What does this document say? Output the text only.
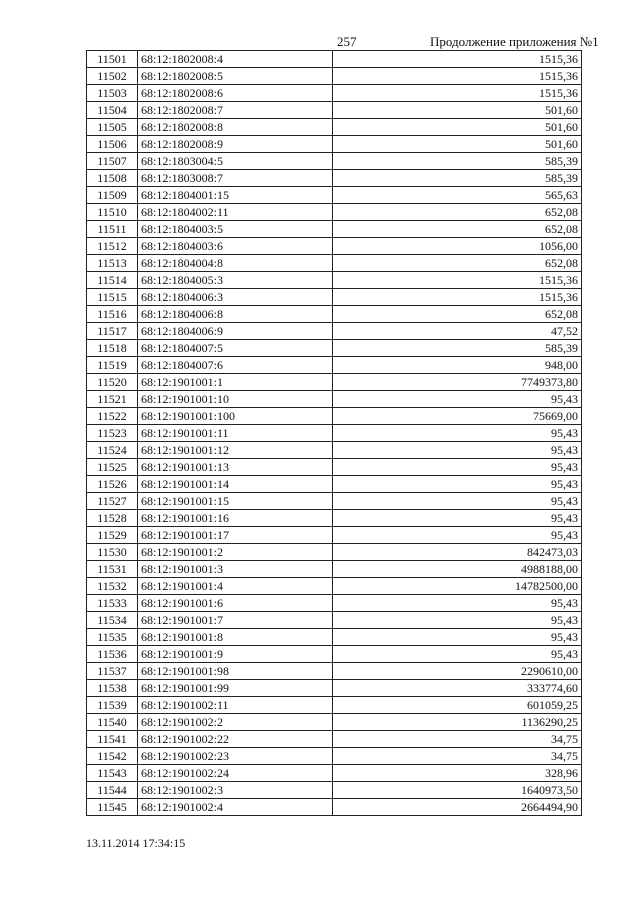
257	Продолжение приложения №1
11501	68:12:1802008:4	1515,36
11502	68:12:1802008:5	1515,36
11503	68:12:1802008:6	1515,36
11504	68:12:1802008:7	501,60
11505	68:12:1802008:8	501,60
11506	68:12:1802008:9	501,60
11507	68:12:1803004:5	585,39
11508	68:12:1803008:7	585,39
11509	68:12:1804001:15	565,63
11510	68:12:1804002:11	652,08
11511	68:12:1804003:5	652,08
11512	68:12:1804003:6	1056,00
11513	68:12:1804004:8	652,08
11514	68:12:1804005:3	1515,36
11515	68:12:1804006:3	1515,36
11516	68:12:1804006:8	652,08
11517	68:12:1804006:9	47,52
11518	68:12:1804007:5	585,39
11519	68:12:1804007:6	948,00
11520	68:12:1901001:1	7749373,80
11521	68:12:1901001:10	95,43
11522	68:12:1901001:100	75669,00
11523	68:12:1901001:11	95,43
11524	68:12:1901001:12	95,43
11525	68:12:1901001:13	95,43
11526	68:12:1901001:14	95,43
11527	68:12:1901001:15	95,43
11528	68:12:1901001:16	95,43
11529	68:12:1901001:17	95,43
11530	68:12:1901001:2	842473,03
11531	68:12:1901001:3	4988188,00
11532	68:12:1901001:4	14782500,00
11533	68:12:1901001:6	95,43
11534	68:12:1901001:7	95,43
11535	68:12:1901001:8	95,43
11536	68:12:1901001:9	95,43
11537	68:12:1901001:98	2290610,00
11538	68:12:1901001:99	333774,60
11539	68:12:1901002:11	601059,25
11540	68:12:1901002:2	1136290,25
11541	68:12:1901002:22	34,75
11542	68:12:1901002:23	34,75
11543	68:12:1901002:24	328,96
11544	68:12:1901002:3	1640973,50
11545	68:12:1901002:4	2664494,90
13.11.2014 17:34:15
